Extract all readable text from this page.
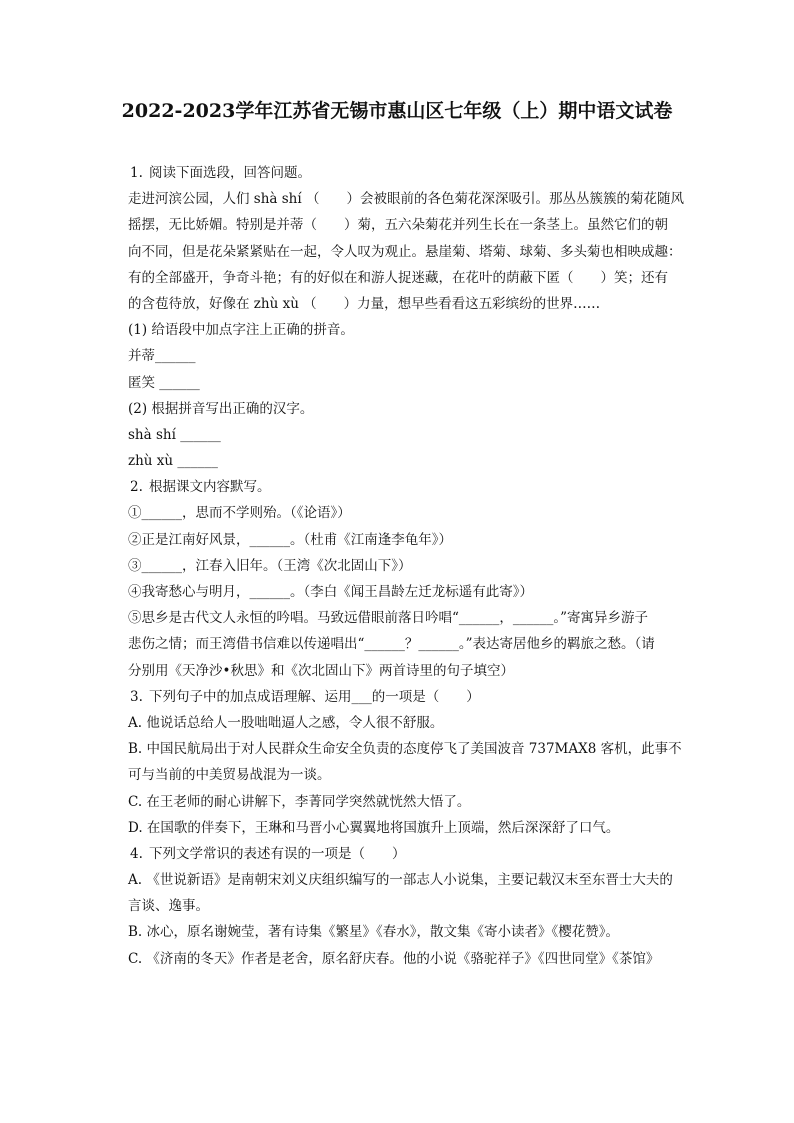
2022-2023学年江苏省无锡市惠山区七年级（上）期中语文试卷
1. 阅读下面选段，回答问题。
走进河滨公园，人们 shà shí （　　）会被眼前的各色菊花深深吸引。那丛丛簇簇的菊花随风
摇摆，无比娇媚。特别是并蒂（　　）菊，五六朵菊花并列生长在一条茎上。虽然它们的朝
向不同，但是花朵紧紧贴在一起，令人叹为观止。悬崖菊、塔菊、球菊、多头菊也相映成趣：
有的全部盛开，争奇斗艳；有的好似在和游人捉迷藏，在花叶的荫蔽下匿（　　）笑；还有
的含苞待放，好像在 zhù xù （　　）力量，想早些看看这五彩缤纷的世界……
(1) 给语段中加点字注上正确的拼音。
并蒂______
匿笑 ______
(2) 根据拼音写出正确的汉字。
shà shí ______
zhù xù ______
2. 根据课文内容默写。
①______，思而不学则殆。（《论语》）
②正是江南好风景，______。（杜甫《江南逢李龟年》）
③______，江春入旧年。（王湾《次北固山下》）
④我寄愁心与明月，______。（李白《闻王昌龄左迁龙标遥有此寄》）
⑤思乡是古代文人永恒的吟唱。马致远借眼前落日吟唱“______，______。”寄寓异乡游子
悲伤之情；而王湾借书信难以传递唱出“______？______。”表达寄居他乡的羁旅之愁。（请
分别用《天净沙•秋思》和《次北固山下》两首诗里的句子填空）
3. 下列句子中的加点成语理解、运用___的一项是（　　）
A. 他说话总给人一股咄咄逼人之感，令人很不舒服。
B. 中国民航局出于对人民群众生命安全负责的态度停飞了美国波音 737MAX8 客机，此事不
可与当前的中美贸易战混为一谈。
C. 在王老师的耐心讲解下，李菁同学突然就恍然大悟了。
D. 在国歌的伴奏下，王琳和马晋小心翼翼地将国旗升上顶端，然后深深舒了口气。
4. 下列文学常识的表述有误的一项是（　　）
A. 《世说新语》是南朝宋刘义庆组织编写的一部志人小说集，主要记载汉末至东晋士大夫的
言谈、逸事。
B. 冰心，原名谢婉莹，著有诗集《繁星》《春水》，散文集《寄小读者》《樱花赞》。
C. 《济南的冬天》作者是老舍，原名舒庆春。他的小说《骆驼祥子》《四世同堂》《茶馆》
